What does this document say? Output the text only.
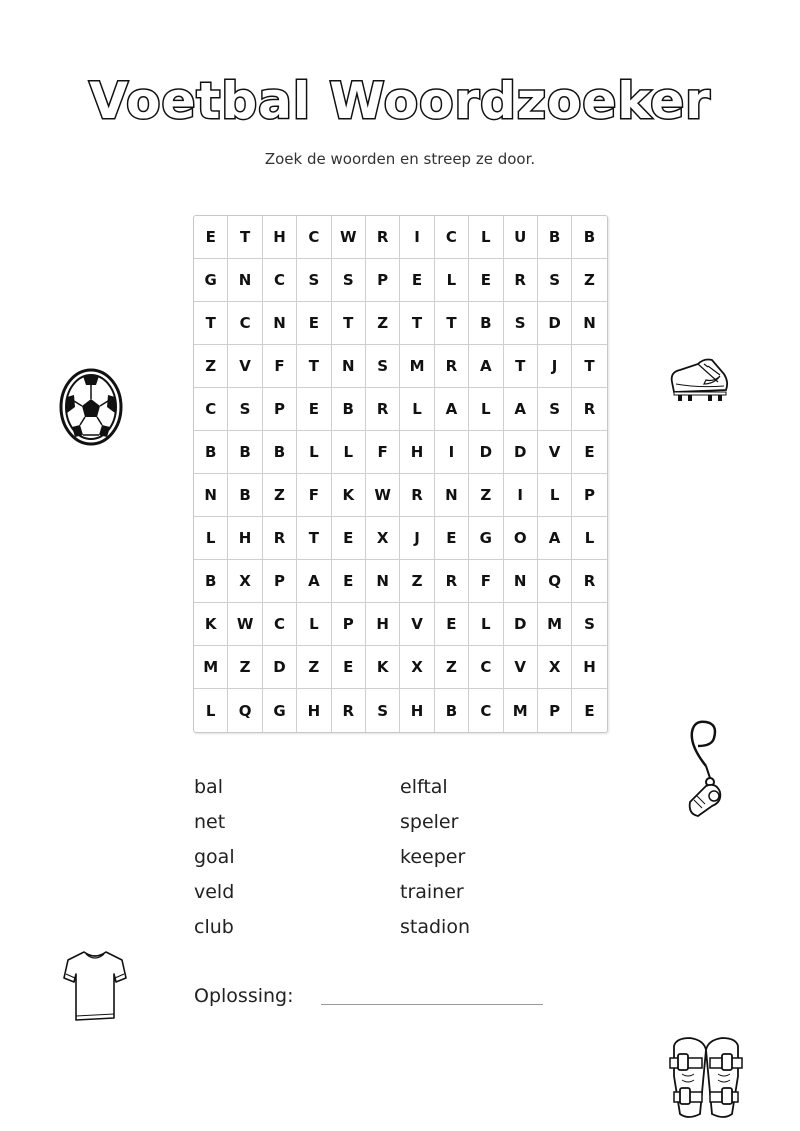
Voetbal Woordzoeker
Zoek de woorden en streep ze door.
E	T	H	C	W	R	I	C	L	U	B	B
G	N	C	S	S	P	E	L	E	R	S	Z
T	C	N	E	T	Z	T	T	B	S	D	N
Z	V	F	T	N	S	M	R	A	T	J	T
C	S	P	E	B	R	L	A	L	A	S	R
B	B	B	L	L	F	H	I	D	D	V	E
N	B	Z	F	K	W	R	N	Z	I	L	P
L	H	R	T	E	X	J	E	G	O	A	L
B	X	P	A	E	N	Z	R	F	N	Q	R
K	W	C	L	P	H	V	E	L	D	M	S
M	Z	D	Z	E	K	X	Z	C	V	X	H
L	Q	G	H	R	S	H	B	C	M	P	E
bal
net
goal
veld
club
elftal
speler
keeper
trainer
stadion
Oplossing:
